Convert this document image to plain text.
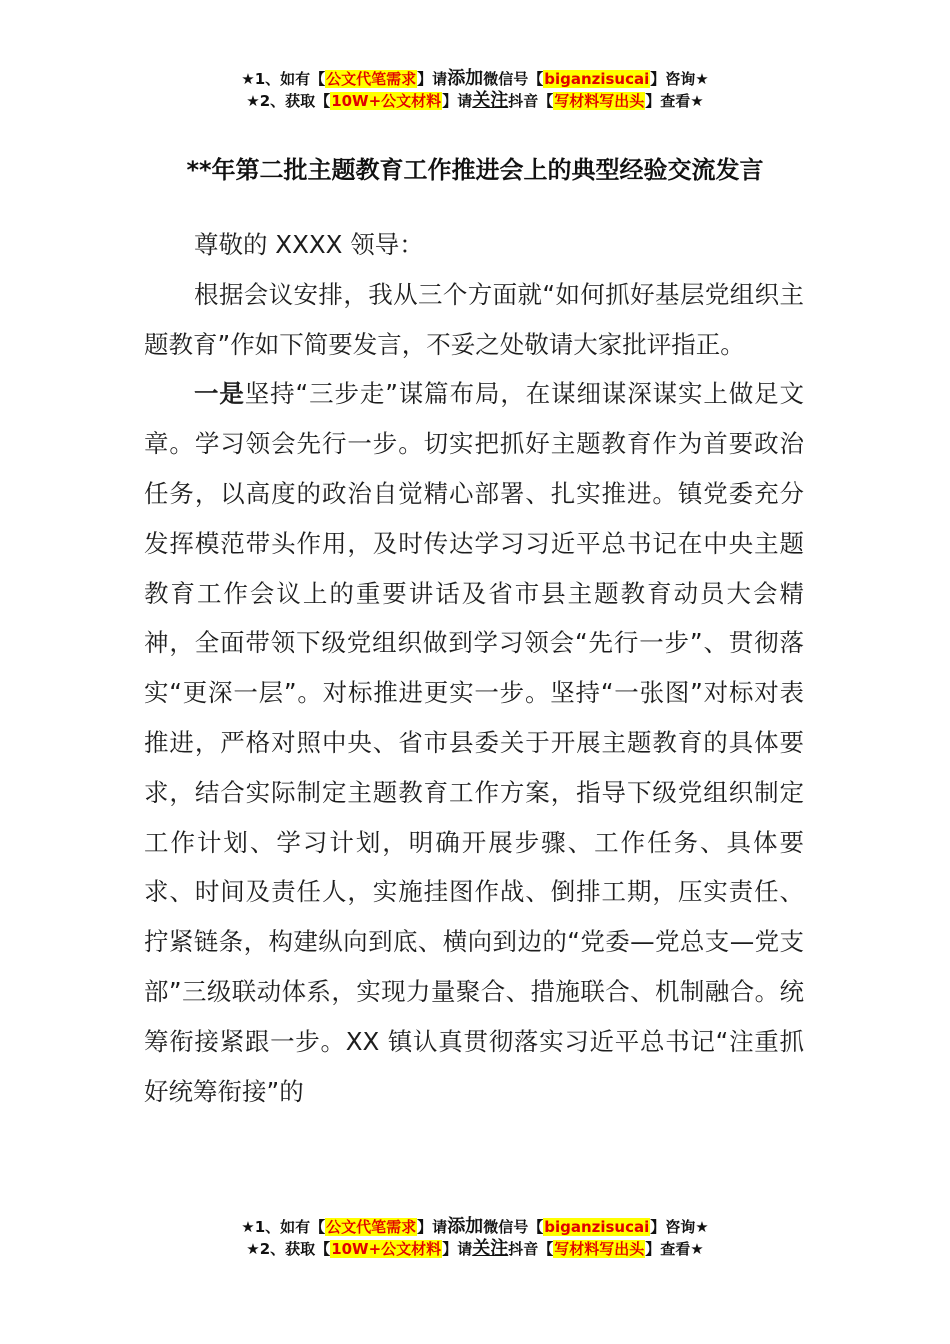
★1、如有【公文代笔需求】请添加微信号【biganzisucai】咨询★
★2、获取【10W+公文材料】请关注抖音【写材料写出头】查看★
**年第二批主题教育工作推进会上的典型经验交流发言

尊敬的 XXXX 领导：

根据会议安排，我从三个方面就“如何抓好基层党组织主题教育”作如下简要发言，不妥之处敬请大家批评指正。

一是坚持“三步走”谋篇布局，在谋细谋深谋实上做足文章。学习领会先行一步。切实把抓好主题教育作为首要政治任务，以高度的政治自觉精心部署、扎实推进。镇党委充分发挥模范带头作用，及时传达学习习近平总书记在中央主题教育工作会议上的重要讲话及省市县主题教育动员大会精神，全面带领下级党组织做到学习领会“先行一步”、贯彻落实“更深一层”。对标推进更实一步。坚持“一张图”对标对表推进，严格对照中央、省市县委关于开展主题教育的具体要求，结合实际制定主题教育工作方案，指导下级党组织制定工作计划、学习计划，明确开展步骤、工作任务、具体要求、时间及责任人，实施挂图作战、倒排工期，压实责任、拧紧链条，构建纵向到底、横向到边的“党委—党总支—党支部”三级联动体系，实现力量聚合、措施联合、机制融合。统筹衔接紧跟一步。XX 镇认真贯彻落实习近平总书记“注重抓好统筹衔接”的

★1、如有【公文代笔需求】请添加微信号【biganzisucai】咨询★
★2、获取【10W+公文材料】请关注抖音【写材料写出头】查看★
